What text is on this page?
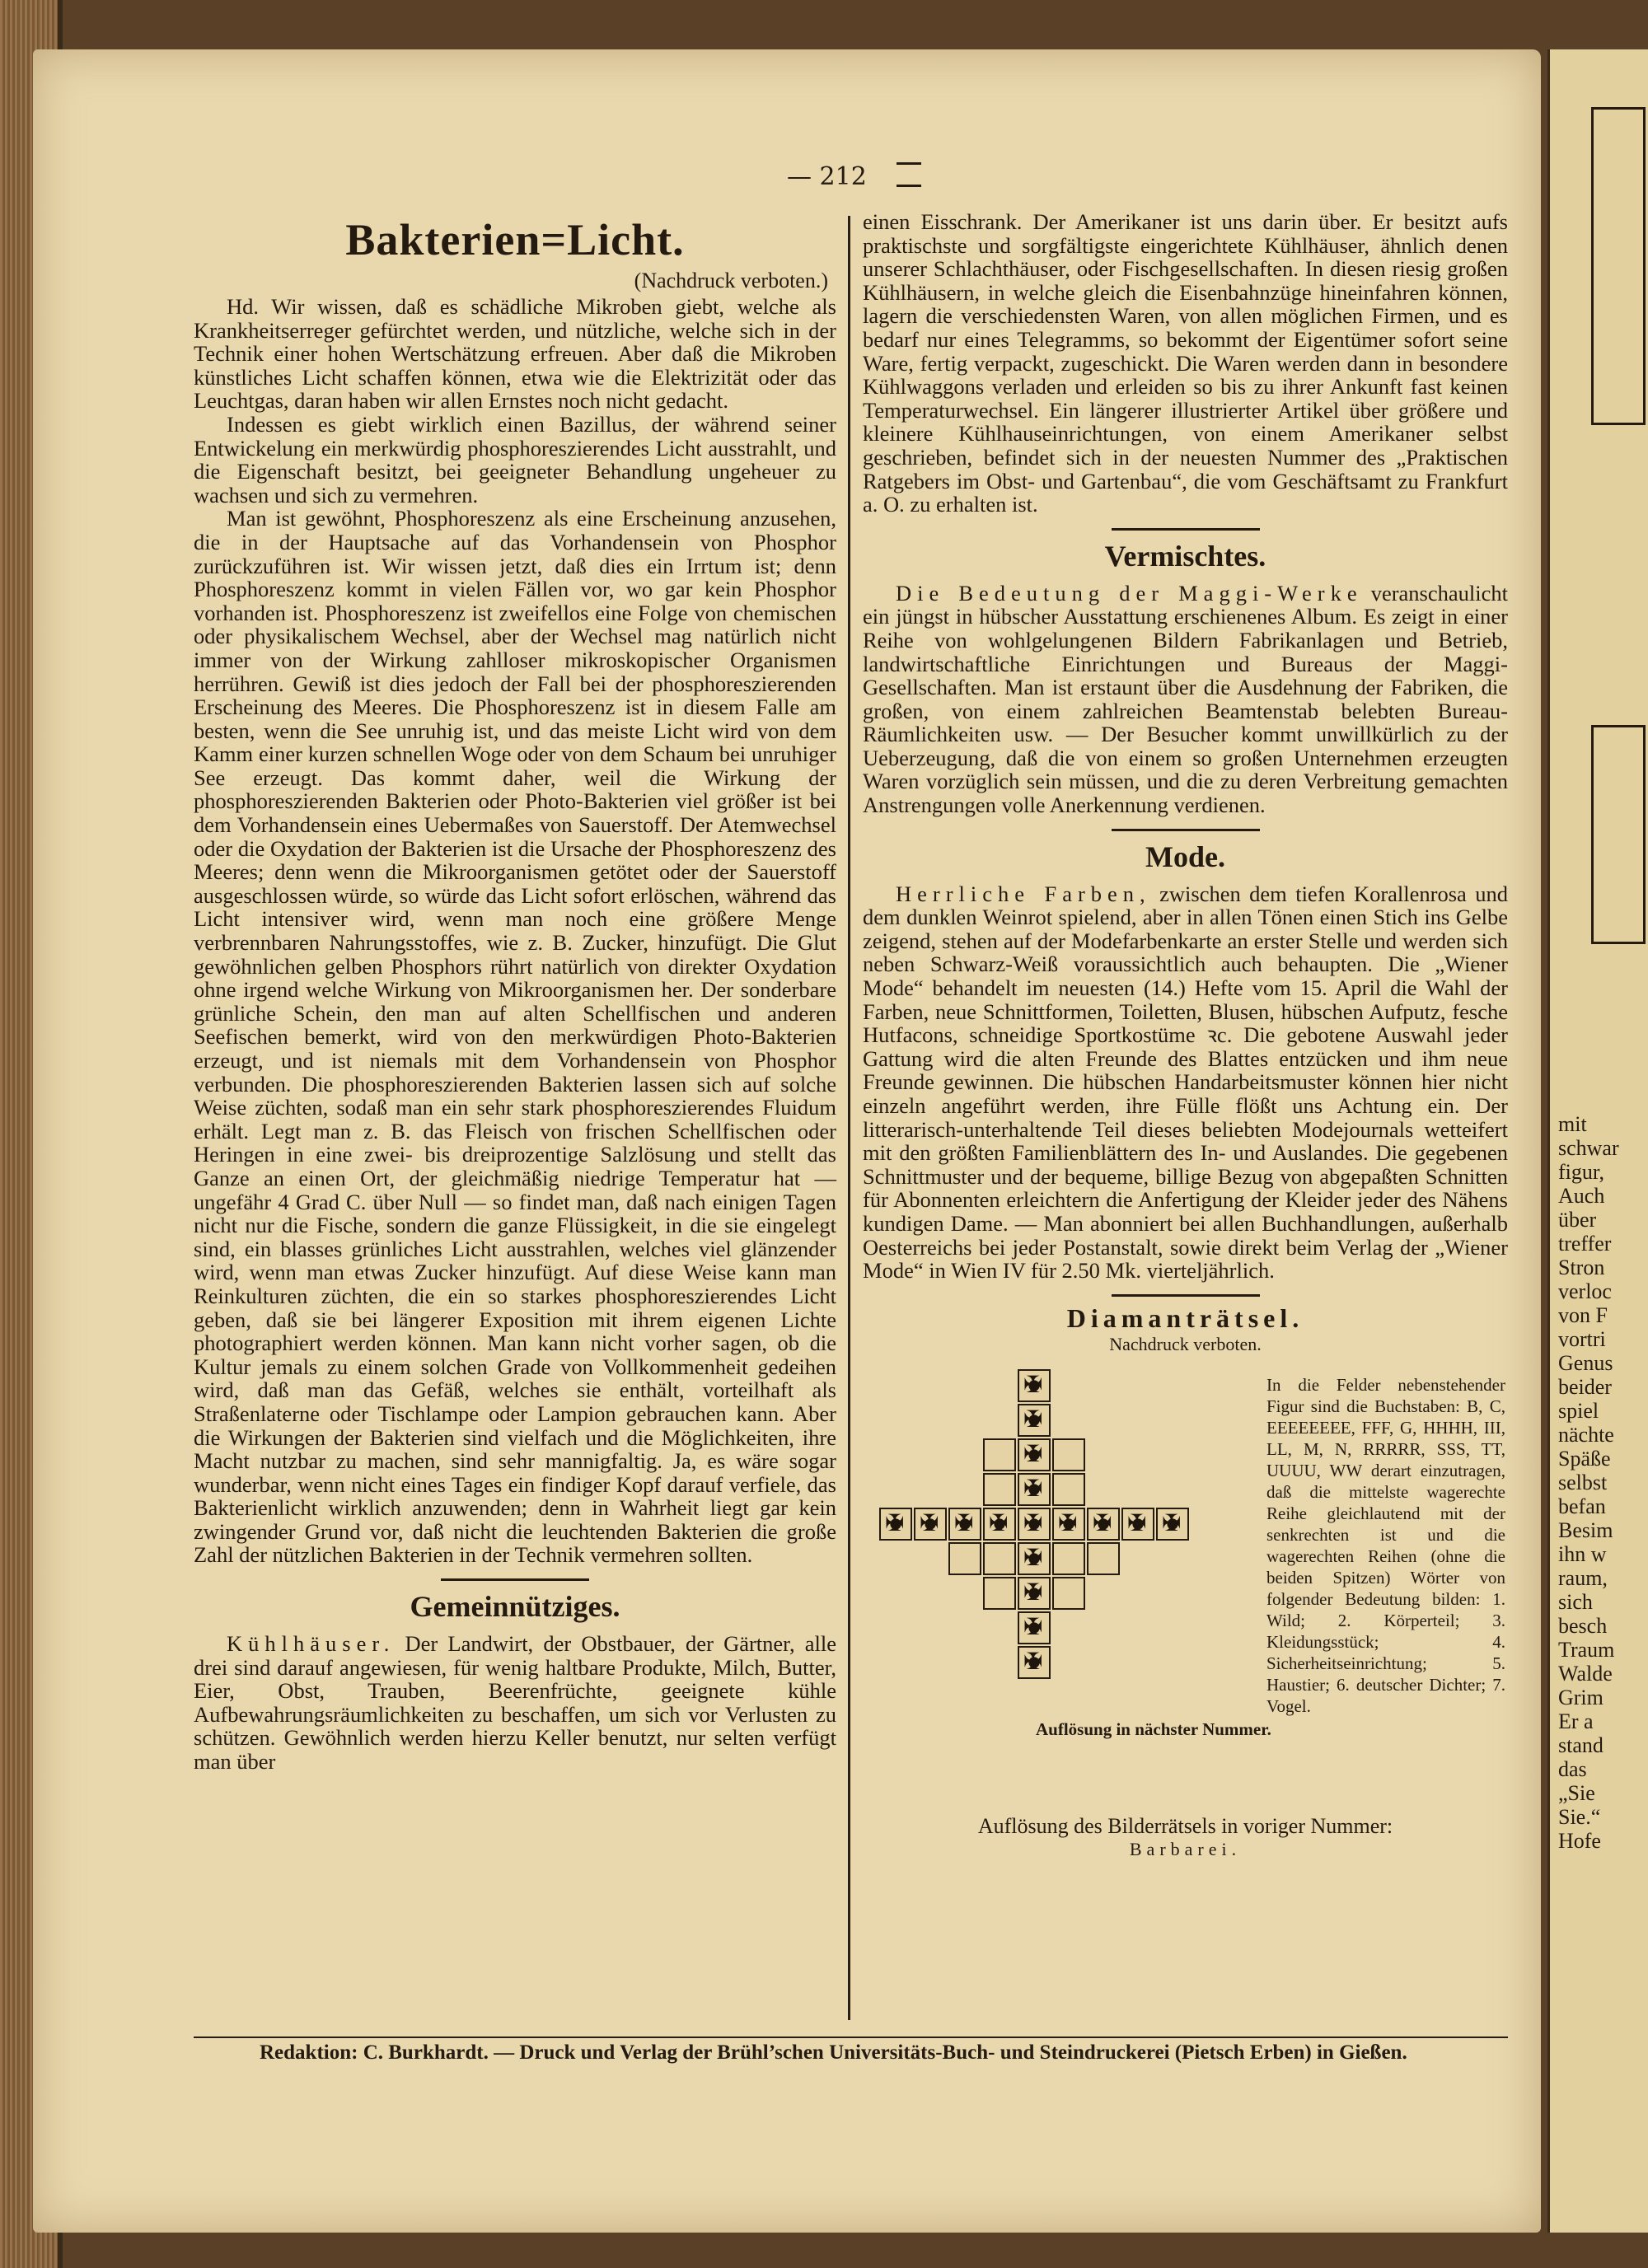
mit
schwar
figur,
Auch
über
treffer
Stron
verloc
von F
vortri
Genus
beider
spiel
nächte
Späße
selbst
befan
Besim
ihn w
raum,
sich
besch
Traum
Walde
Grim
Er a
stand
das
„Sie
Sie.“
Hofe
— 212
Bakterien=Licht.
(Nachdruck verboten.)

Hd. Wir wissen, daß es schädliche Mikroben giebt, welche als Krankheitserreger gefürchtet werden, und nützliche, welche sich in der Technik einer hohen Wertschätzung erfreuen. Aber daß die Mikroben künstliches Licht schaffen können, etwa wie die Elektrizität oder das Leuchtgas, daran haben wir allen Ernstes noch nicht gedacht.

Indessen es giebt wirklich einen Bazillus, der während seiner Entwickelung ein merkwürdig phosphoreszierendes Licht ausstrahlt, und die Eigenschaft besitzt, bei geeigneter Behandlung ungeheuer zu wachsen und sich zu vermehren.

Man ist gewöhnt, Phosphoreszenz als eine Erscheinung anzusehen, die in der Hauptsache auf das Vorhandensein von Phosphor zurückzuführen ist. Wir wissen jetzt, daß dies ein Irrtum ist; denn Phosphoreszenz kommt in vielen Fällen vor, wo gar kein Phosphor vorhanden ist. Phosphoreszenz ist zweifellos eine Folge von chemischen oder physikalischem Wechsel, aber der Wechsel mag natürlich nicht immer von der Wirkung zahlloser mikroskopischer Organismen herrühren. Gewiß ist dies jedoch der Fall bei der phosphoreszierenden Erscheinung des Meeres. Die Phosphoreszenz ist in diesem Falle am besten, wenn die See unruhig ist, und das meiste Licht wird von dem Kamm einer kurzen schnellen Woge oder von dem Schaum bei unruhiger See erzeugt. Das kommt daher, weil die Wirkung der phosphoreszierenden Bakterien oder Photo-Bakterien viel größer ist bei dem Vorhandensein eines Uebermaßes von Sauerstoff. Der Atemwechsel oder die Oxydation der Bakterien ist die Ursache der Phosphoreszenz des Meeres; denn wenn die Mikroorganismen getötet oder der Sauerstoff ausgeschlossen würde, so würde das Licht sofort erlöschen, während das Licht intensiver wird, wenn man noch eine größere Menge verbrennbaren Nahrungsstoffes, wie z. B. Zucker, hinzufügt. Die Glut gewöhnlichen gelben Phosphors rührt natürlich von direkter Oxydation ohne irgend welche Wirkung von Mikroorganismen her. Der sonderbare grünliche Schein, den man auf alten Schellfischen und anderen Seefischen bemerkt, wird von den merkwürdigen Photo-Bakterien erzeugt, und ist niemals mit dem Vorhandensein von Phosphor verbunden. Die phosphoreszierenden Bakterien lassen sich auf solche Weise züchten, sodaß man ein sehr stark phosphoreszierendes Fluidum erhält. Legt man z. B. das Fleisch von frischen Schellfischen oder Heringen in eine zwei- bis dreiprozentige Salzlösung und stellt das Ganze an einen Ort, der gleichmäßig niedrige Temperatur hat — ungefähr 4 Grad C. über Null — so findet man, daß nach einigen Tagen nicht nur die Fische, sondern die ganze Flüssigkeit, in die sie eingelegt sind, ein blasses grünliches Licht ausstrahlen, welches viel glänzender wird, wenn man etwas Zucker hinzufügt. Auf diese Weise kann man Reinkulturen züchten, die ein so starkes phosphoreszierendes Licht geben, daß sie bei längerer Exposition mit ihrem eigenen Lichte photographiert werden können. Man kann nicht vorher sagen, ob die Kultur jemals zu einem solchen Grade von Vollkommenheit gedeihen wird, daß man das Gefäß, welches sie enthält, vorteilhaft als Straßenlaterne oder Tischlampe oder Lampion gebrauchen kann. Aber die Wirkungen der Bakterien sind vielfach und die Möglichkeiten, ihre Macht nutzbar zu machen, sind sehr mannigfaltig. Ja, es wäre sogar wunderbar, wenn nicht eines Tages ein findiger Kopf darauf verfiele, das Bakterienlicht wirklich anzuwenden; denn in Wahrheit liegt gar kein zwingender Grund vor, daß nicht die leuchtenden Bakterien die große Zahl der nützlichen Bakterien in der Technik vermehren sollten.

Gemeinnütziges.

Kühlhäuser. Der Landwirt, der Obstbauer, der Gärtner, alle drei sind darauf angewiesen, für wenig haltbare Produkte, Milch, Butter, Eier, Obst, Trauben, Beerenfrüchte, geeignete kühle Aufbewahrungsräumlichkeiten zu beschaffen, um sich vor Verlusten zu schützen. Gewöhnlich werden hierzu Keller benutzt, nur selten verfügt man über

einen Eisschrank. Der Amerikaner ist uns darin über. Er besitzt aufs praktischste und sorgfältigste eingerichtete Kühlhäuser, ähnlich denen unserer Schlachthäuser, oder Fischgesellschaften. In diesen riesig großen Kühlhäusern, in welche gleich die Eisenbahnzüge hineinfahren können, lagern die verschiedensten Waren, von allen möglichen Firmen, und es bedarf nur eines Telegramms, so bekommt der Eigentümer sofort seine Ware, fertig verpackt, zugeschickt. Die Waren werden dann in besondere Kühlwaggons verladen und erleiden so bis zu ihrer Ankunft fast keinen Temperaturwechsel. Ein längerer illustrierter Artikel über größere und kleinere Kühlhauseinrichtungen, von einem Amerikaner selbst geschrieben, befindet sich in der neuesten Nummer des „Praktischen Ratgebers im Obst- und Gartenbau“, die vom Geschäftsamt zu Frankfurt a. O. zu erhalten ist.

Vermischtes.

Die Bedeutung der Maggi-Werke veranschaulicht ein jüngst in hübscher Ausstattung erschienenes Album. Es zeigt in einer Reihe von wohlgelungenen Bildern Fabrikanlagen und Betrieb, landwirtschaftliche Einrichtungen und Bureaus der Maggi-Gesellschaften. Man ist erstaunt über die Ausdehnung der Fabriken, die großen, von einem zahlreichen Beamtenstab belebten Bureau-Räumlichkeiten usw. — Der Besucher kommt unwillkürlich zu der Ueberzeugung, daß die von einem so großen Unternehmen erzeugten Waren vorzüglich sein müssen, und die zu deren Verbreitung gemachten Anstrengungen volle Anerkennung verdienen.

Mode.

Herrliche Farben, zwischen dem tiefen Korallenrosa und dem dunklen Weinrot spielend, aber in allen Tönen einen Stich ins Gelbe zeigend, stehen auf der Modefarbenkarte an erster Stelle und werden sich neben Schwarz-Weiß voraussichtlich auch behaupten. Die „Wiener Mode“ behandelt im neuesten (14.) Hefte vom 15. April die Wahl der Farben, neue Schnittformen, Toiletten, Blusen, hübschen Aufputz, fesche Hutfacons, schneidige Sportkostüme ꝛc. Die gebotene Auswahl jeder Gattung wird die alten Freunde des Blattes entzücken und ihm neue Freunde gewinnen. Die hübschen Handarbeitsmuster können hier nicht einzeln angeführt werden, ihre Fülle flößt uns Achtung ein. Der litterarisch-unterhaltende Teil dieses beliebten Modejournals wetteifert mit den größten Familienblättern des In- und Auslandes. Die gegebenen Schnittmuster und der bequeme, billige Bezug von abgepaßten Schnitten für Abonnenten erleichtern die Anfertigung der Kleider jeder des Nähens kundigen Dame. — Man abonniert bei allen Buchhandlungen, außerhalb Oesterreichs bei jeder Postanstalt, sowie direkt beim Verlag der „Wiener Mode“ in Wien IV für 2.50 Mk. vierteljährlich.

Diamanträtsel.
Nachdruck verboten.
✠
✠
✠
✠
✠
✠
✠
✠
✠
✠
✠
✠
✠
✠
✠
✠
✠
In die Felder nebenstehender Figur sind die Buchstaben: B, C, EEEEEEEE, FFF, G, HHHH, III, LL, M, N, RRRRR, SSS, TT, UUUU, WW derart einzutragen, daß die mittelste wagerechte Reihe gleichlautend mit der senkrechten ist und die wagerechten Reihen (ohne die beiden Spitzen) Wörter von folgender Bedeutung bilden: 1. Wild; 2. Körperteil; 3. Kleidungsstück; 4. Sicherheitseinrichtung; 5. Haustier; 6. deutscher Dichter; 7. Vogel.
Auflösung in nächster Nummer.
Auflösung des Bilderrätsels in voriger Nummer:
Barbarei.
Redaktion: C. Burkhardt. — Druck und Verlag der Brühl’schen Universitäts-Buch- und Steindruckerei (Pietsch Erben) in Gießen.
